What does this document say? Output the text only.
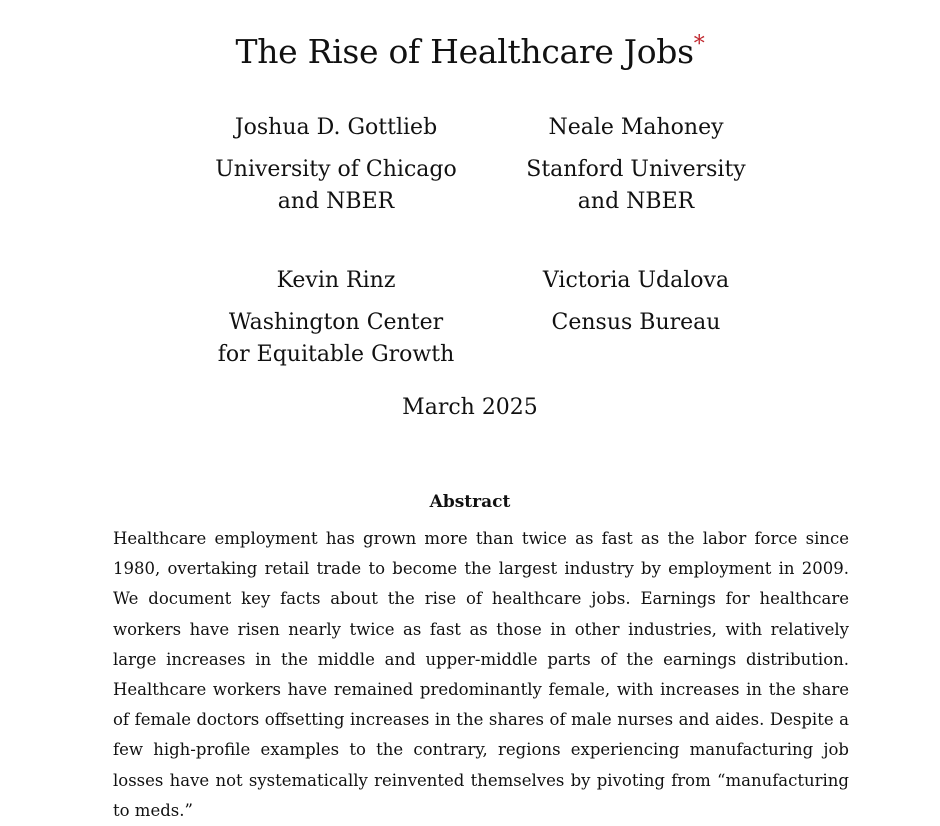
The Rise of Healthcare Jobs*
Joshua D. Gottlieb
University of Chicago
and NBER
Neale Mahoney
Stanford University
and NBER
Kevin Rinz
Washington Center
for Equitable Growth
Victoria Udalova
Census Bureau
March 2025
Abstract

Healthcare employment has grown more than twice as fast as the labor force since 1980, overtaking retail trade to become the largest industry by employment in 2009. We document key facts about the rise of healthcare jobs. Earnings for healthcare workers have risen nearly twice as fast as those in other industries, with relatively large increases in the middle and upper-middle parts of the earnings distribution. Healthcare workers have remained predominantly female, with increases in the share of female doctors offsetting increases in the shares of male nurses and aides. Despite a few high-profile examples to the contrary, regions experiencing manufacturing job losses have not systematically reinvented themselves by pivoting from “manufacturing to meds.”
